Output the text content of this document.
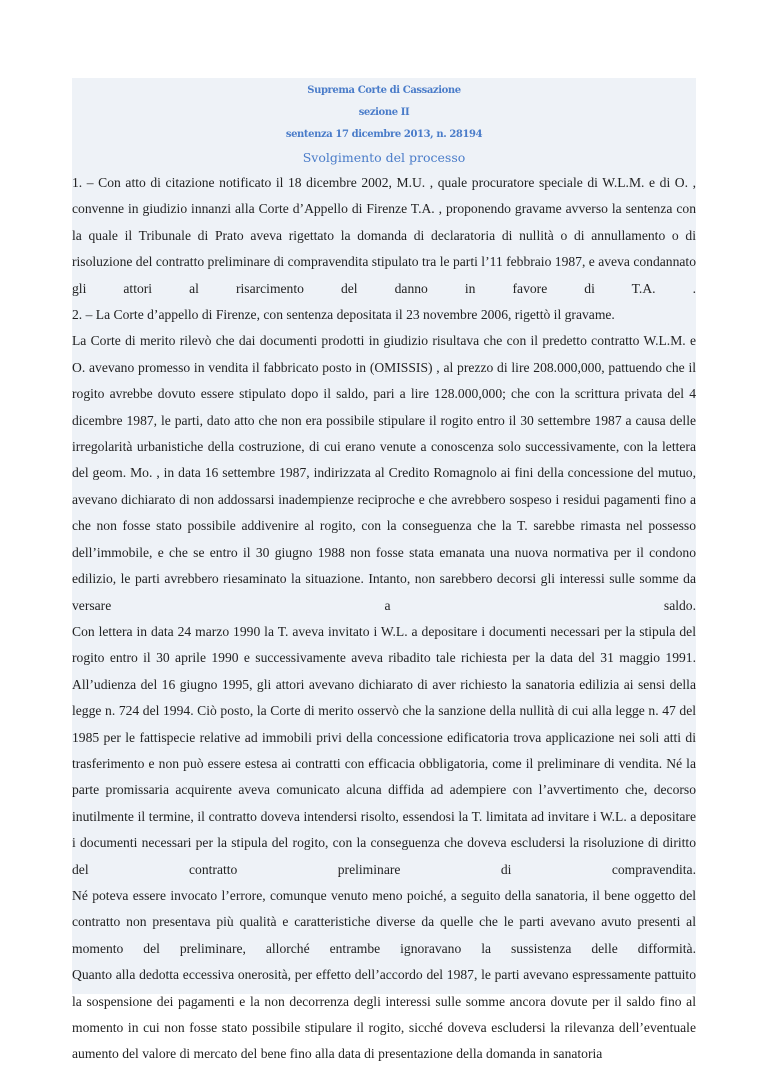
Suprema Corte di Cassazione
sezione II
sentenza 17 dicembre 2013, n. 28194
Svolgimento del processo

1. – Con atto di citazione notificato il 18 dicembre 2002, M.U. , quale procuratore speciale di W.L.M. e di O. , convenne in giudizio innanzi alla Corte d’Appello di Firenze T.A. , proponendo gravame avverso la sentenza con la quale il Tribunale di Prato aveva rigettato la domanda di declaratoria di nullità o di annullamento o di risoluzione del contratto preliminare di compravendita stipulato tra le parti l’11 febbraio 1987, e aveva condannato gli attori al risarcimento del danno in favore di T.A. .

2. – La Corte d’appello di Firenze, con sentenza depositata il 23 novembre 2006, rigettò il gravame.

La Corte di merito rilevò che dai documenti prodotti in giudizio risultava che con il predetto contratto W.L.M. e O. avevano promesso in vendita il fabbricato posto in (OMISSIS) , al prezzo di lire 208.000,000, pattuendo che il rogito avrebbe dovuto essere stipulato dopo il saldo, pari a lire 128.000,000; che con la scrittura privata del 4 dicembre 1987, le parti, dato atto che non era possibile stipulare il rogito entro il 30 settembre 1987 a causa delle irregolarità urbanistiche della costruzione, di cui erano venute a conoscenza solo successivamente, con la lettera del geom. Mo. , in data 16 settembre 1987, indirizzata al Credito Romagnolo ai fini della concessione del mutuo, avevano dichiarato di non addossarsi inadempienze reciproche e che avrebbero sospeso i residui pagamenti fino a che non fosse stato possibile addivenire al rogito, con la conseguenza che la T. sarebbe rimasta nel possesso dell’immobile, e che se entro il 30 giugno 1988 non fosse stata emanata una nuova normativa per il condono edilizio, le parti avrebbero riesaminato la situazione. Intanto, non sarebbero decorsi gli interessi sulle somme da versare a saldo.

Con lettera in data 24 marzo 1990 la T. aveva invitato i W.L. a depositare i documenti necessari per la stipula del rogito entro il 30 aprile 1990 e successivamente aveva ribadito tale richiesta per la data del 31 maggio 1991. All’udienza del 16 giugno 1995, gli attori avevano dichiarato di aver richiesto la sanatoria edilizia ai sensi della legge n. 724 del 1994. Ciò posto, la Corte di merito osservò che la sanzione della nullità di cui alla legge n. 47 del 1985 per le fattispecie relative ad immobili privi della concessione edificatoria trova applicazione nei soli atti di trasferimento e non può essere estesa ai contratti con efficacia obbligatoria, come il preliminare di vendita. Né la parte promissaria acquirente aveva comunicato alcuna diffida ad adempiere con l’avvertimento che, decorso inutilmente il termine, il contratto doveva intendersi risolto, essendosi la T. limitata ad invitare i W.L. a depositare i documenti necessari per la stipula del rogito, con la conseguenza che doveva escludersi la risoluzione di diritto del contratto preliminare di compravendita.

Né poteva essere invocato l’errore, comunque venuto meno poiché, a seguito della sanatoria, il bene oggetto del contratto non presentava più qualità e caratteristiche diverse da quelle che le parti avevano avuto presenti al momento del preliminare, allorché entrambe ignoravano la sussistenza delle difformità.

Quanto alla dedotta eccessiva onerosità, per effetto dell’accordo del 1987, le parti avevano espressamente pattuito la sospensione dei pagamenti e la non decorrenza degli interessi sulle somme ancora dovute per il saldo fino al momento in cui non fosse stato possibile stipulare il rogito, sicché doveva escludersi la rilevanza dell’eventuale aumento del valore di mercato del bene fino alla data di presentazione della domanda in sanatoria
